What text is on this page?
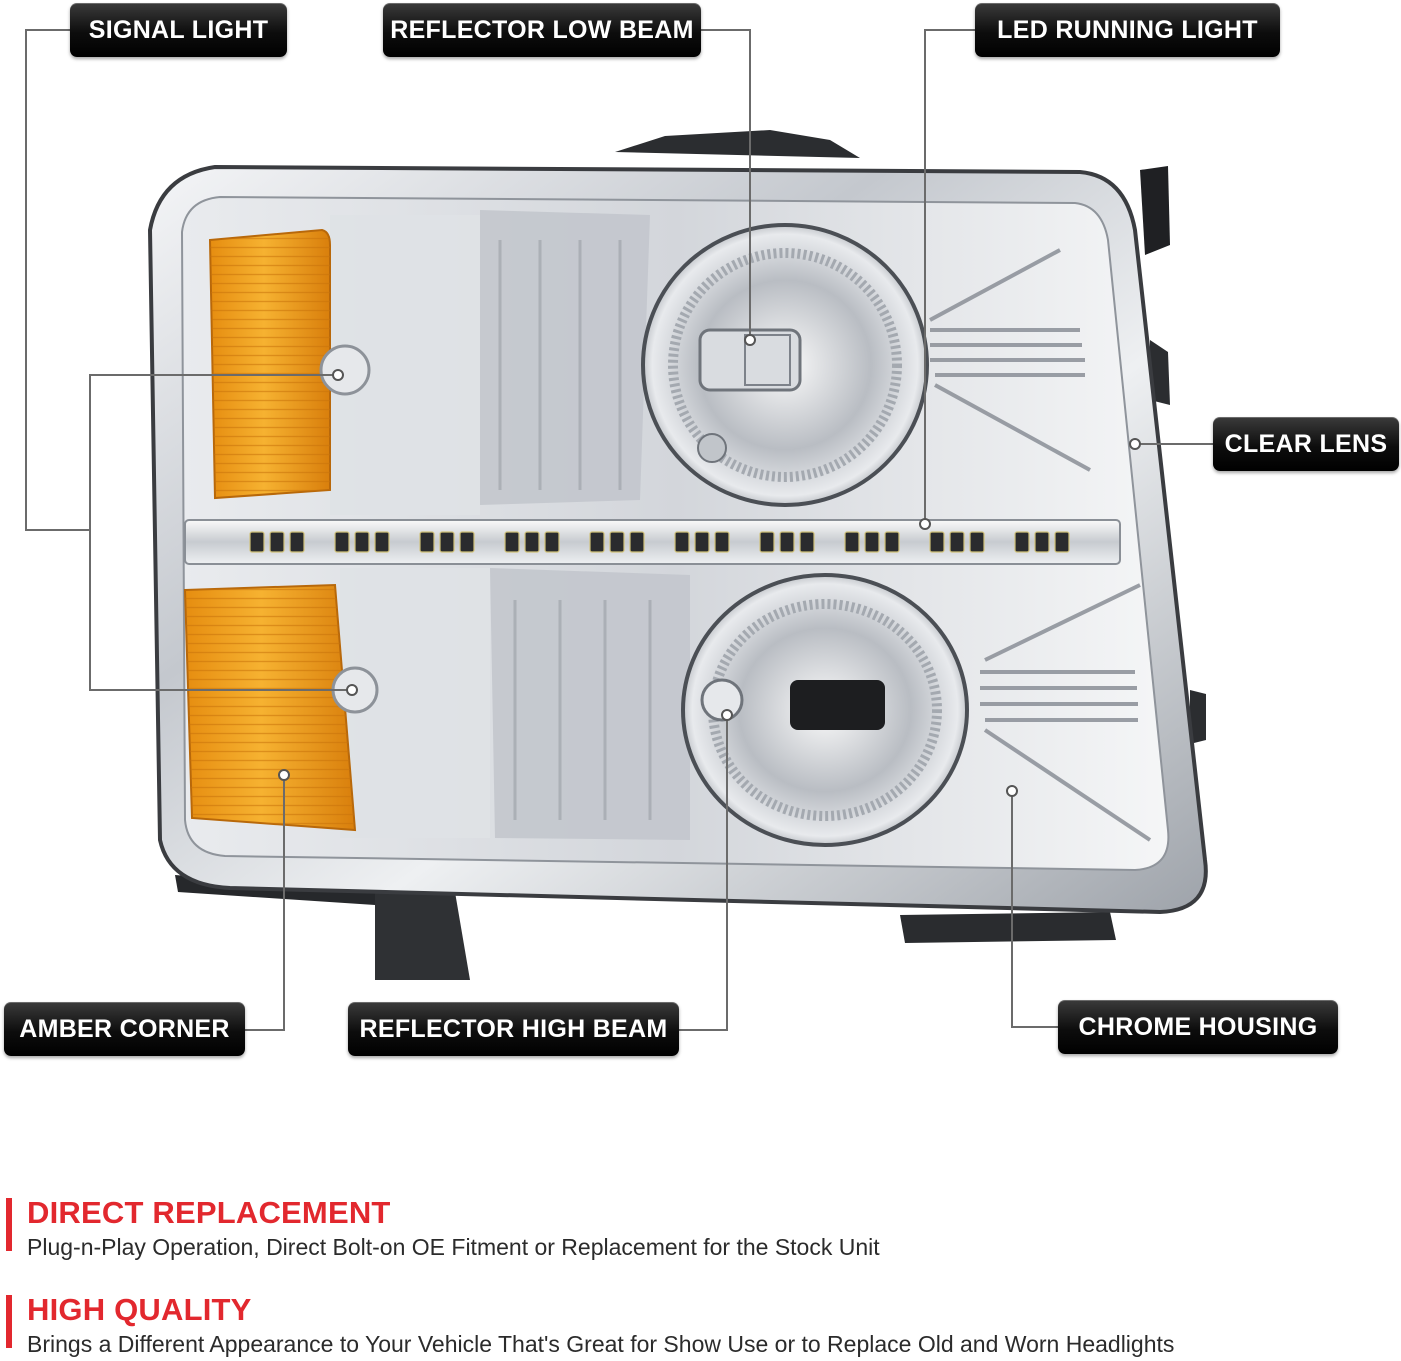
SIGNAL LIGHT	REFLECTOR LOW BEAM	LED RUNNING LIGHT
CLEAR LENS
AMBER CORNER	REFLECTOR HIGH BEAM	CHROME HOUSING
DIRECT REPLACEMENT
Plug-n-Play Operation, Direct Bolt-on OE Fitment or Replacement for the Stock Unit
HIGH QUALITY
Brings a Different Appearance to Your Vehicle That's Great for Show Use or to Replace Old and Worn Headlights
